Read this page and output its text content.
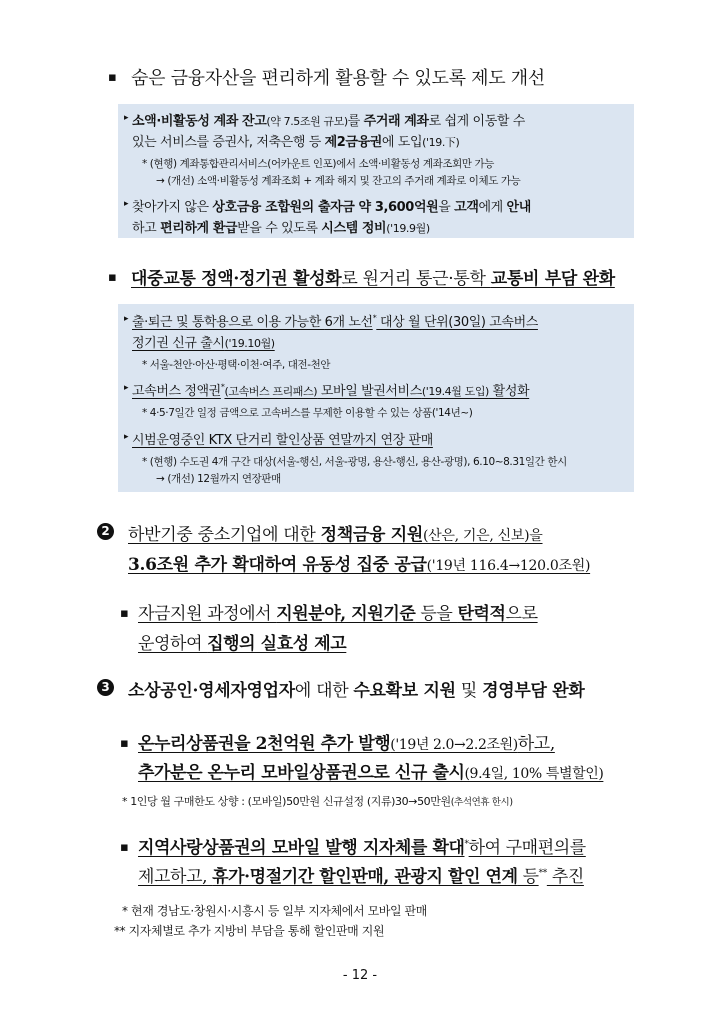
▪ 숨은 금융자산을 편리하게 활용할 수 있도록 제도 개선
▸ 소액·비활동성 계좌 잔고(약 7.5조원 규모)를 주거래 계좌로 쉽게 이동할 수
있는 서비스를 증권사, 저축은행 등 제2금융권에 도입('19.下)
* (현행) 계좌통합관리서비스(어카운트 인포)에서 소액·비활동성 계좌조회만 가능
→ (개선) 소액·비활동성 계좌조회 + 계좌 해지 및 잔고의 주거래 계좌로 이체도 가능
▸ 찾아가지 않은 상호금융 조합원의 출자금 약 3,600억원을 고객에게 안내
하고 편리하게 환급받을 수 있도록 시스템 정비('19.9월)
▪ 대중교통 정액·정기권 활성화로 원거리 통근·통학 교통비 부담 완화
▸ 출·퇴근 및 통학용으로 이용 가능한 6개 노선* 대상 월 단위(30일) 고속버스
정기권 신규 출시('19.10월)
* 서울-천안·아산·평택·이천·여주, 대전-천안
▸ 고속버스 정액권*(고속버스 프리패스) 모바일 발권서비스('19.4월 도입) 활성화
* 4·5·7일간 일정 금액으로 고속버스를 무제한 이용할 수 있는 상품('14년~)
▸ 시범운영중인 KTX 단거리 할인상품 연말까지 연장 판매
* (현행) 수도권 4개 구간 대상(서울-행신, 서울-광명, 용산-행신, 용산-광명), 6.10~8.31일간 한시
→ (개선) 12월까지 연장판매
2 하반기중 중소기업에 대한 정책금융 지원(산은, 기은, 신보)을
3.6조원 추가 확대하여 유동성 집중 공급('19년 116.4→120.0조원)
▪ 자금지원 과정에서 지원분야, 지원기준 등을 탄력적으로
운영하여 집행의 실효성 제고
3 소상공인·영세자영업자에 대한 수요확보 지원 및 경영부담 완화
▪ 온누리상품권을 2천억원 추가 발행('19년 2.0→2.2조원)하고,
추가분은 온누리 모바일상품권으로 신규 출시(9.4일, 10% 특별할인)
* 1인당 월 구매한도 상향 : (모바일)50만원 신규설정 (지류)30→50만원(추석연휴 한시)
▪ 지역사랑상품권의 모바일 발행 지자체를 확대*하여 구매편의를
제고하고, 휴가·명절기간 할인판매, 관광지 할인 연계 등** 추진
* 현재 경남도·창원시·시흥시 등 일부 지자체에서 모바일 판매
** 지자체별로 추가 지방비 부담을 통해 할인판매 지원
- 12 -
